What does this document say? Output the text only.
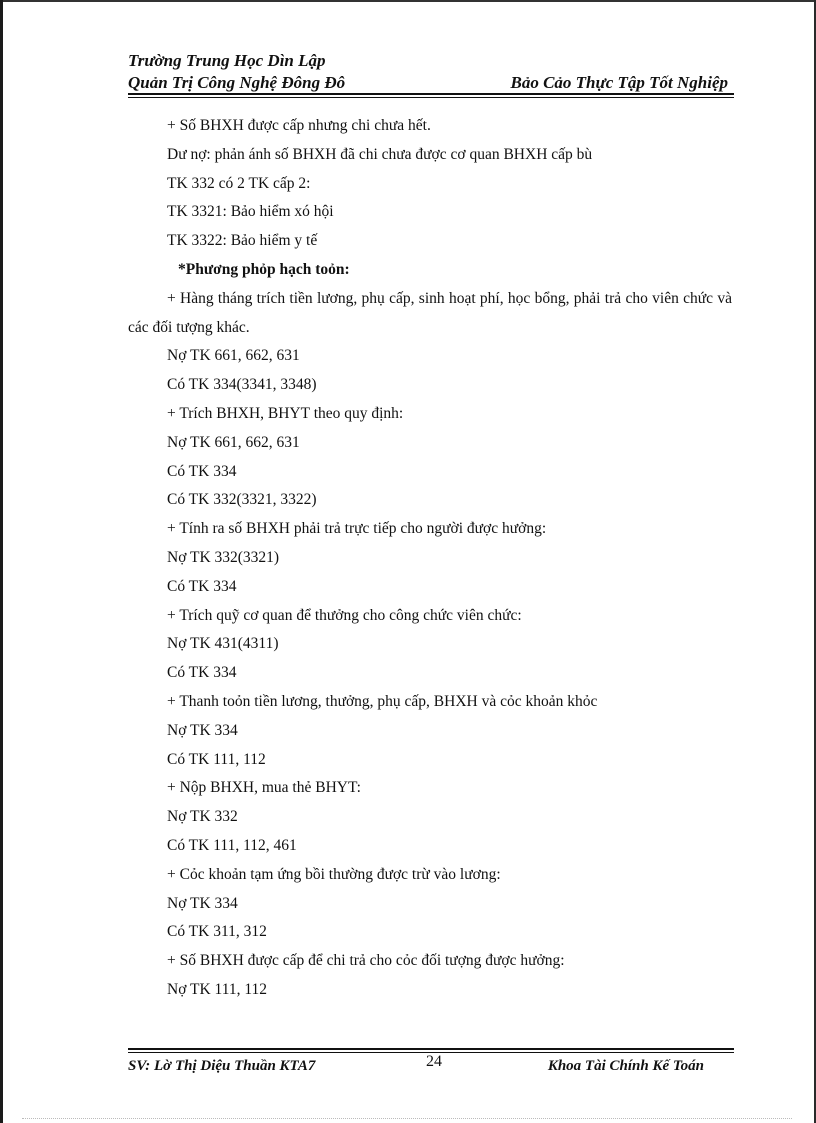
Trường Trung Học Dìn Lập
Quản Trị Công Nghệ Đông Đô	Bảo Cảo Thực Tập Tốt Nghiệp

+ Số BHXH được cấp nhưng chi chưa hết.

Dư nợ: phản ánh số BHXH đã chi chưa được cơ quan BHXH cấp bù

TK 332 có 2 TK cấp 2:

TK 3321: Bảo hiểm xó hội

TK 3322: Bảo hiểm y tế

*Phương phỏp hạch toỏn:

+ Hàng tháng trích tiền lương, phụ cấp, sinh hoạt phí, học bổng, phải trả cho viên chức và các đối tượng khác.

Nợ TK 661, 662, 631

Có TK 334(3341, 3348)

+ Trích BHXH, BHYT theo quy định:

Nợ TK 661, 662, 631

Có TK 334

Có TK 332(3321, 3322)

+ Tính ra số BHXH phải trả trực tiếp cho người được hưởng:

Nợ TK 332(3321)

Có TK 334

+ Trích quỹ cơ quan để thưởng cho công chức viên chức:

Nợ TK 431(4311)

Có TK 334

+ Thanh toỏn tiền lương, thưởng, phụ cấp, BHXH và cỏc khoản khỏc

Nợ TK 334

Có TK 111, 112

+ Nộp BHXH, mua thẻ BHYT:

Nợ TK 332

Có TK 111, 112, 461

+ Cỏc khoản tạm ứng bồi thường được trừ vào lương:

Nợ TK 334

Có TK 311, 312

+ Số BHXH được cấp để chi trả cho cỏc đối tượng được hưởng:

Nợ TK 111, 112

SV: Lờ Thị Diệu Thuần KTA7	24	Khoa Tài Chính Kế Toán
